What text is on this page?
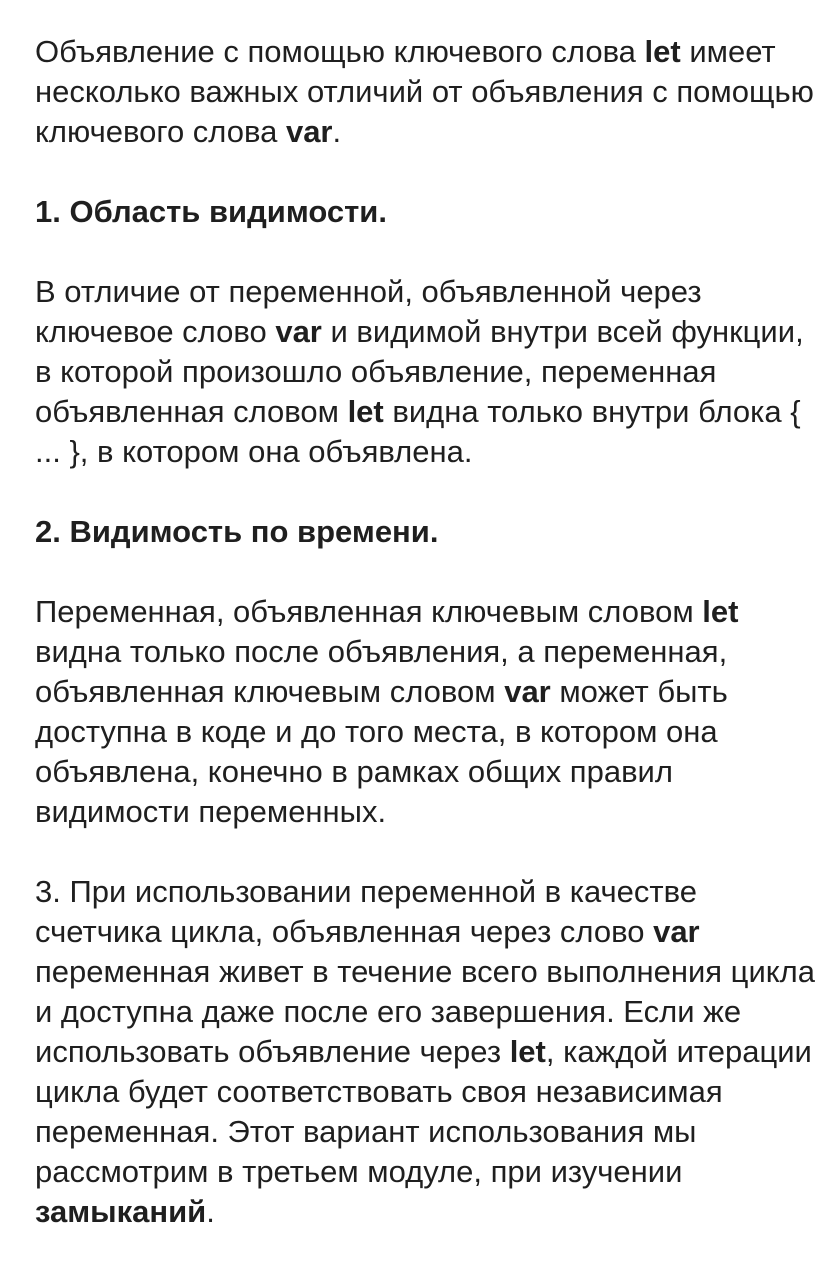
Объявление с помощью ключевого слова let имеет несколько важных отличий от объявления с помощью ключевого слова var.

1. Область видимости.

В отличие от переменной, объявленной через ключевое слово var и видимой внутри всей функции, в которой произошло объявление, переменная объявленная словом let видна только внутри блока { ... }, в котором она объявлена.

2. Видимость по времени.

Переменная, объявленная ключевым словом let видна только после объявления, а переменная, объявленная ключевым словом var может быть доступна в коде и до того места, в котором она объявлена, конечно в рамках общих правил видимости переменных.

3. При использовании переменной в качестве счетчика цикла, объявленная через слово var переменная живет в течение всего выполнения цикла и доступна даже после его завершения. Если же использовать объявление через let, каждой итерации цикла будет соответствовать своя независимая переменная. Этот вариант использования мы рассмотрим в третьем модуле, при изучении замыканий.
